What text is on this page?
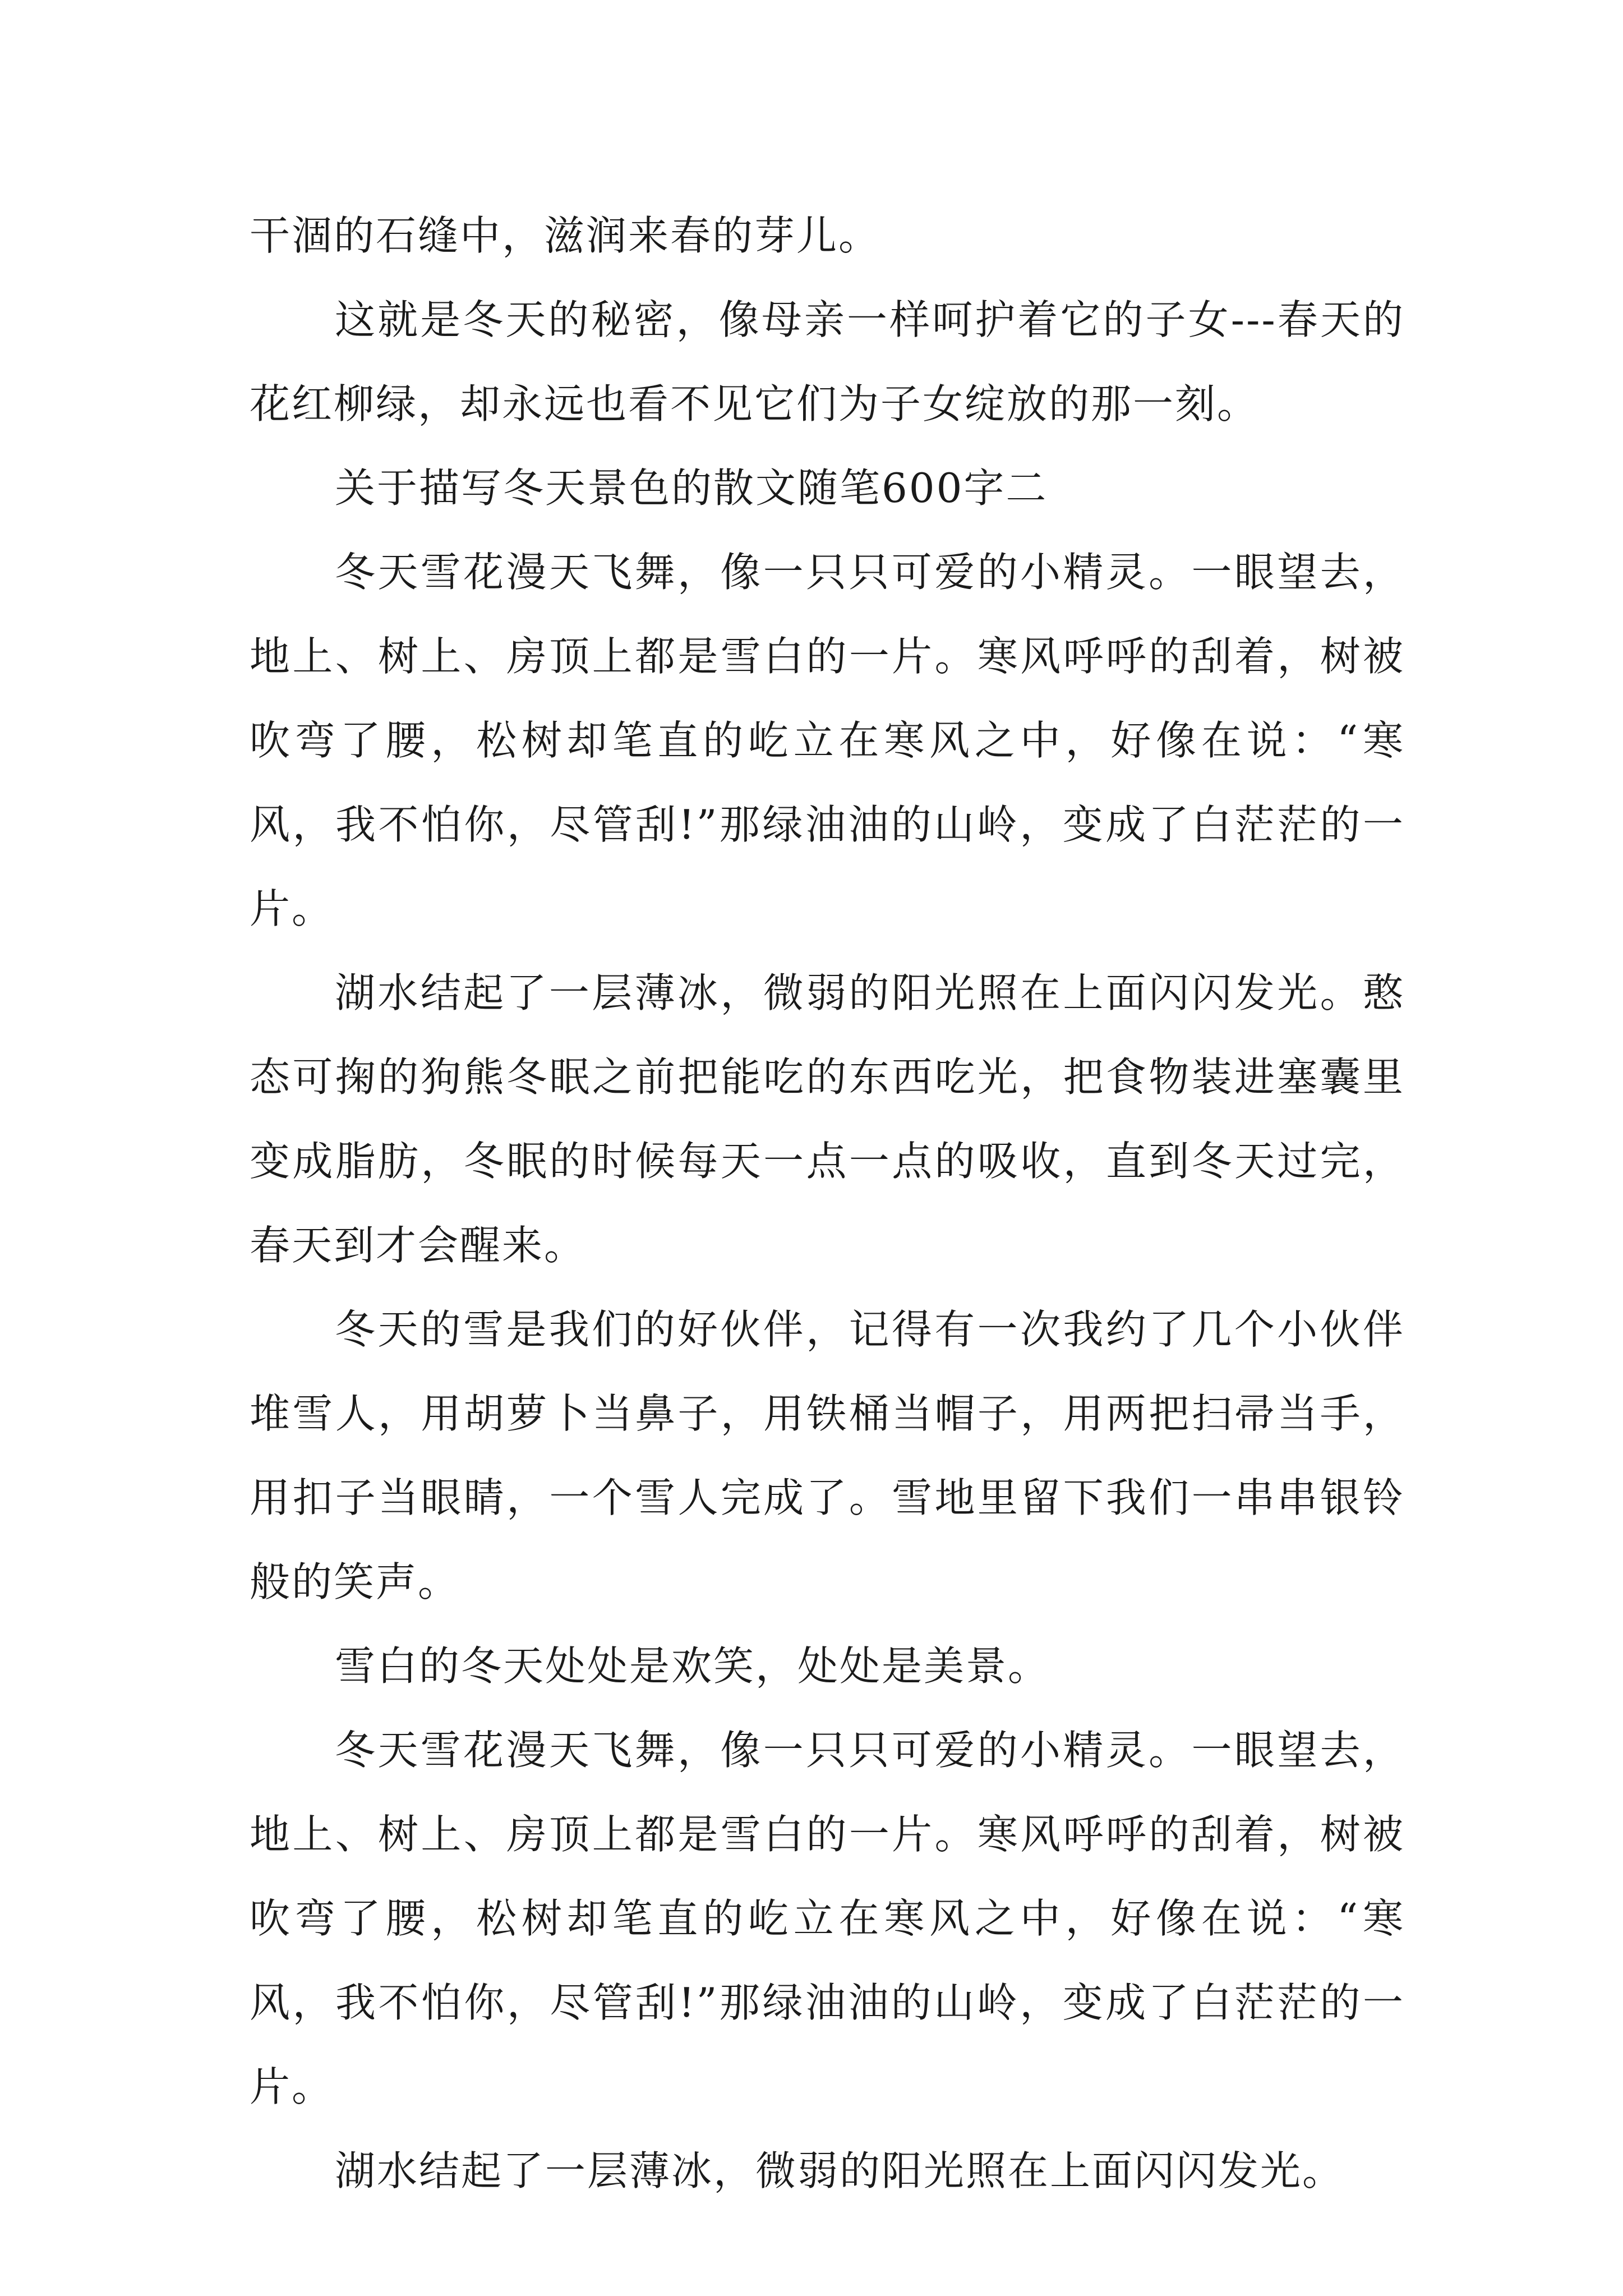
干涸的石缝中，滋润来春的芽儿。

这就是冬天的秘密，像母亲一样呵护着它的子女---春天的花红柳绿，却永远也看不见它们为子女绽放的那一刻。

关于描写冬天景色的散文随笔600字二

冬天雪花漫天飞舞，像一只只可爱的小精灵。一眼望去，地上、树上、房顶上都是雪白的一片。寒风呼呼的刮着，树被吹弯了腰，松树却笔直的屹立在寒风之中，好像在说：“寒风，我不怕你，尽管刮!”那绿油油的山岭，变成了白茫茫的一片。

湖水结起了一层薄冰，微弱的阳光照在上面闪闪发光。憨态可掬的狗熊冬眠之前把能吃的东西吃光，把食物装进塞囊里变成脂肪，冬眠的时候每天一点一点的吸收，直到冬天过完，春天到才会醒来。

冬天的雪是我们的好伙伴，记得有一次我约了几个小伙伴堆雪人，用胡萝卜当鼻子，用铁桶当帽子，用两把扫帚当手，用扣子当眼睛，一个雪人完成了。雪地里留下我们一串串银铃般的笑声。

雪白的冬天处处是欢笑，处处是美景。

冬天雪花漫天飞舞，像一只只可爱的小精灵。一眼望去，地上、树上、房顶上都是雪白的一片。寒风呼呼的刮着，树被吹弯了腰，松树却笔直的屹立在寒风之中，好像在说：“寒风，我不怕你，尽管刮!”那绿油油的山岭，变成了白茫茫的一片。

湖水结起了一层薄冰，微弱的阳光照在上面闪闪发光。
